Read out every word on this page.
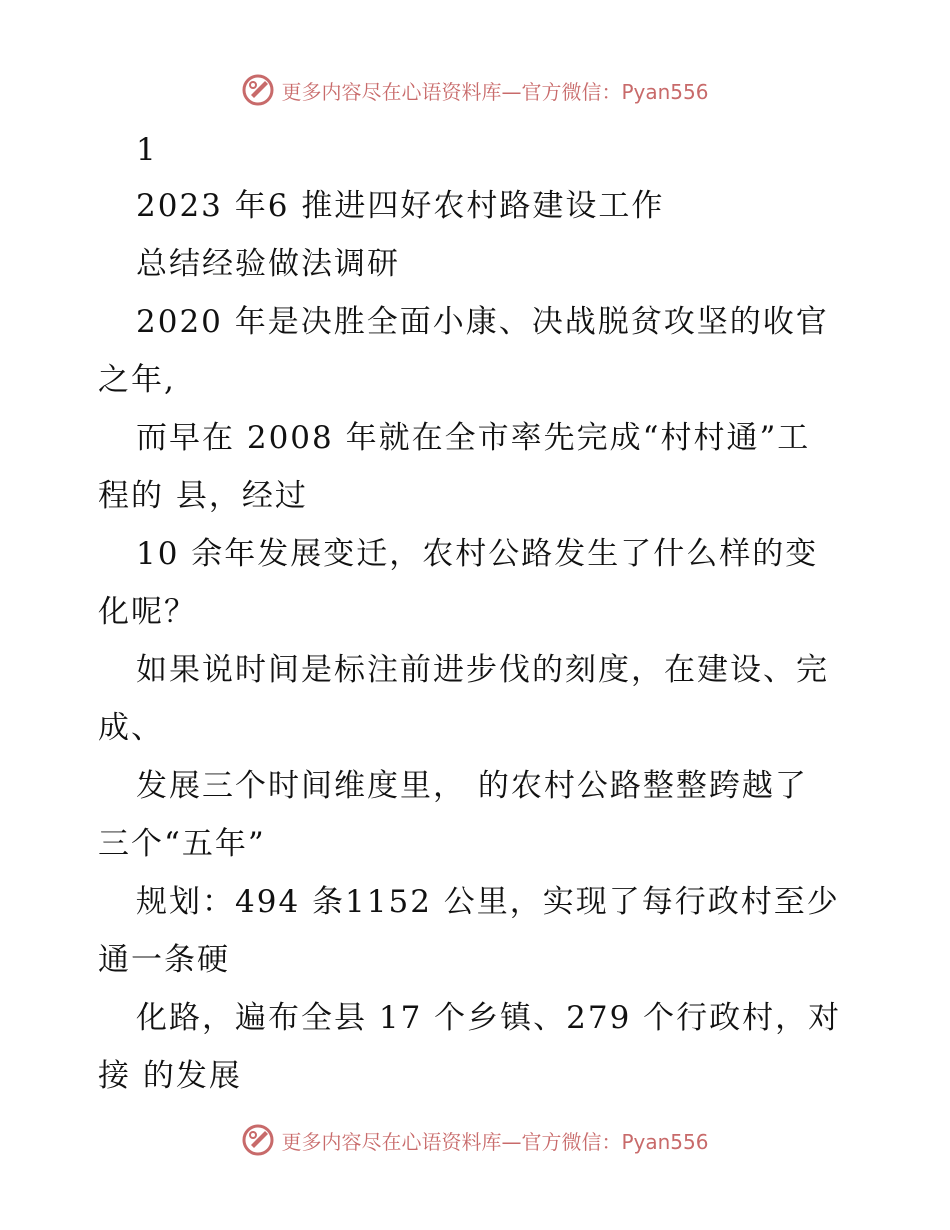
更多内容尽在心语资料库—官方微信：Pyan556
1
2023 年6 推进四好农村路建设工作
总结经验做法调研
2020 年是决胜全面小康、决战脱贫攻坚的收官
之年,
而早在 2008 年就在全市率先完成“村村通”工
程的 县，经过
10 余年发展变迁，农村公路发生了什么样的变
化呢？
如果说时间是标注前进步伐的刻度，在建设、完
成、
发展三个时间维度里， 的农村公路整整跨越了
三个“五年”
规划：494 条1152 公里，实现了每行政村至少
通一条硬
化路，遍布全县 17 个乡镇、279 个行政村，对
接 的发展
更多内容尽在心语资料库—官方微信：Pyan556
